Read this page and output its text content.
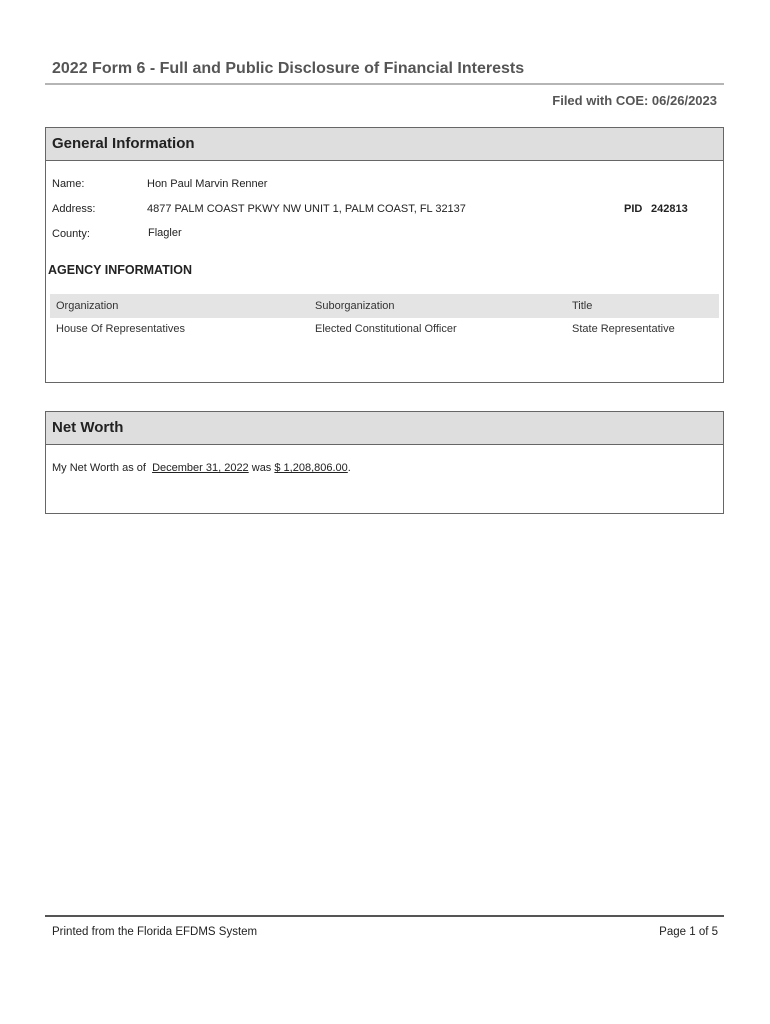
2022 Form 6 - Full and Public Disclosure of Financial Interests
Filed with COE: 06/26/2023
General Information
Name:	Hon Paul Marvin Renner
Address:	4877 PALM COAST PKWY NW UNIT 1, PALM COAST, FL 32137	PID 242813
County:	Flagler
AGENCY INFORMATION
Organization	Suborganization	Title
House Of Representatives	Elected Constitutional Officer	State Representative
Net Worth
My Net Worth as of December 31, 2022 was $ 1,208,806.00.
Printed from the Florida EFDMS System	Page 1 of 5
